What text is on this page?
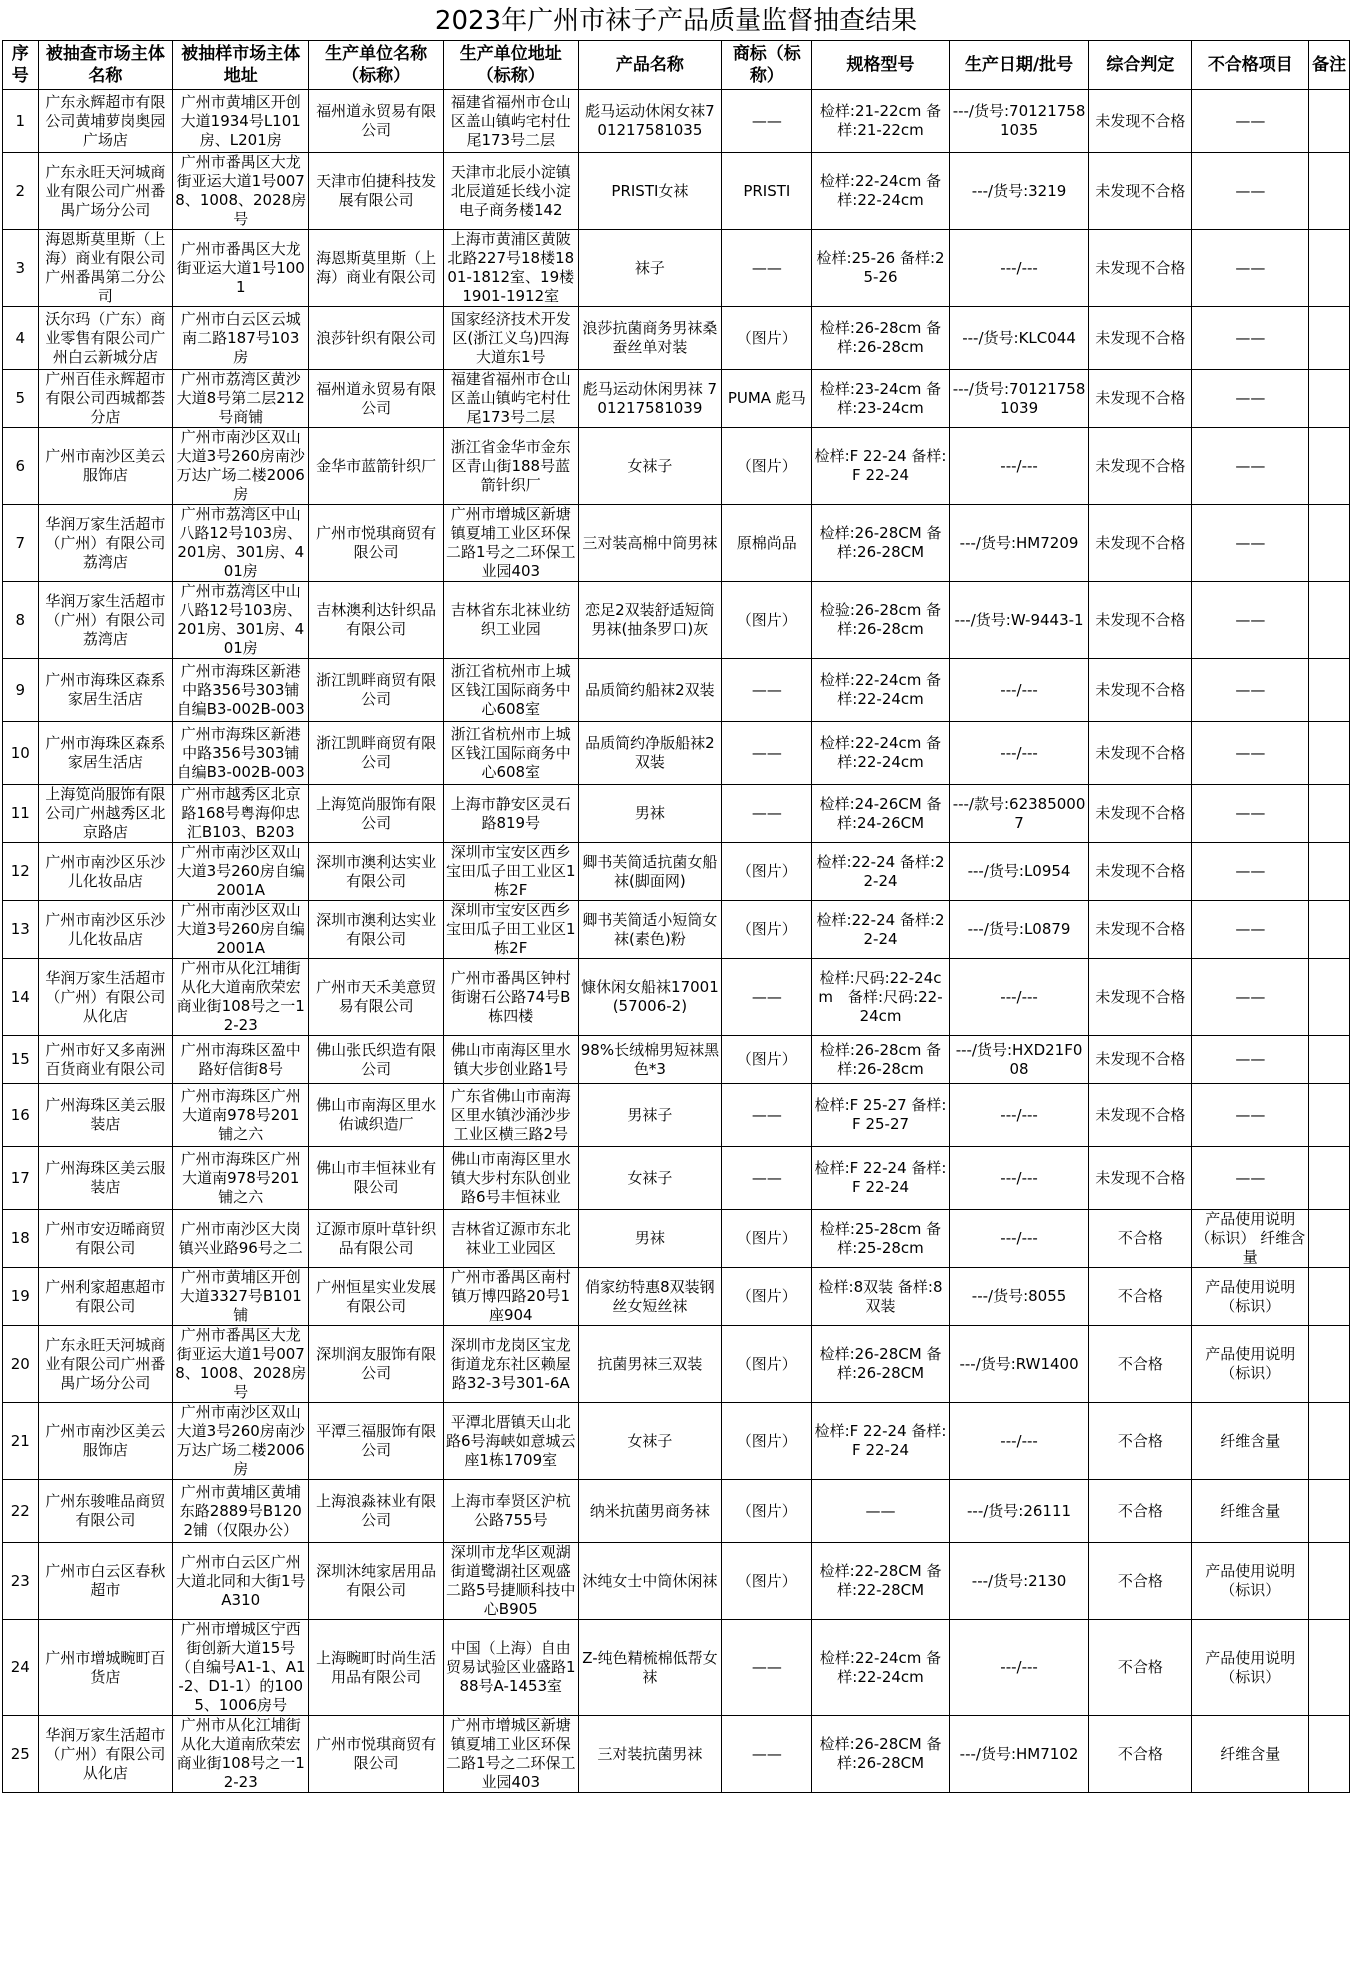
2023年广州市袜子产品质量监督抽查结果
序号	被抽查市场主体名称	被抽样市场主体地址	生产单位名称（标称）	生产单位地址（标称）	产品名称	商标（标称）	规格型号	生产日期/批号	综合判定	不合格项目	备注
1	广东永辉超市有限公司黄埔萝岗奥园广场店	广州市黄埔区开创大道1934号L101房、L201房	福州道永贸易有限公司	福建省福州市仓山区盖山镇屿宅村仕尾173号二层	彪马运动休闲女袜701217581035	——	检样:21-22cm 备样:21-22cm	---/货号:701217581035	未发现不合格	——	
2	广东永旺天河城商业有限公司广州番禺广场分公司	广州市番禺区大龙街亚运大道1号0078、1008、2028房号	天津市伯捷科技发展有限公司	天津市北辰小淀镇北辰道延长线小淀电子商务楼142	PRISTI女袜	PRISTI	检样:22-24cm 备样:22-24cm	---/货号:3219	未发现不合格	——	
3	海恩斯莫里斯（上海）商业有限公司广州番禺第二分公司	广州市番禺区大龙街亚运大道1号1001	海恩斯莫里斯（上海）商业有限公司	上海市黄浦区黄陂北路227号18楼1801-1812室、19楼1901-1912室	袜子	——	检样:25-26 备样:25-26	---/---	未发现不合格	——	
4	沃尔玛（广东）商业零售有限公司广州白云新城分店	广州市白云区云城南二路187号103房	浪莎针织有限公司	国家经济技术开发区(浙江义乌)四海大道东1号	浪莎抗菌商务男袜桑蚕丝单对装	（图片）	检样:26-28cm 备样:26-28cm	---/货号:KLC044	未发现不合格	——	
5	广州百佳永辉超市有限公司西城都荟分店	广州市荔湾区黄沙大道8号第二层212号商铺	福州道永贸易有限公司	福建省福州市仓山区盖山镇屿宅村仕尾173号二层	彪马运动休闲男袜 701217581039	PUMA 彪马	检样:23-24cm 备样:23-24cm	---/货号:701217581039	未发现不合格	——	
6	广州市南沙区美云服饰店	广州市南沙区双山大道3号260房南沙万达广场二楼2006房	金华市蓝箭针织厂	浙江省金华市金东区青山街188号蓝箭针织厂	女袜子	（图片）	检样:F 22-24 备样:F 22-24	---/---	未发现不合格	——	
7	华润万家生活超市（广州）有限公司荔湾店	广州市荔湾区中山八路12号103房、201房、301房、401房	广州市悦琪商贸有限公司	广州市增城区新塘镇夏埔工业区环保二路1号之二环保工业园403	三对装高棉中筒男袜	原棉尚品	检样:26-28CM 备样:26-28CM	---/货号:HM7209	未发现不合格	——	
8	华润万家生活超市（广州）有限公司荔湾店	广州市荔湾区中山八路12号103房、201房、301房、401房	吉林澳利达针织品有限公司	吉林省东北袜业纺织工业园	恋足2双装舒适短筒男袜(抽条罗口)灰	（图片）	检验:26-28cm 备样:26-28cm	---/货号:W-9443-1	未发现不合格	——	
9	广州市海珠区森系家居生活店	广州市海珠区新港中路356号303铺自编B3-002B-003	浙江凯畔商贸有限公司	浙江省杭州市上城区钱江国际商务中心608室	品质简约船袜2双装	——	检样:22-24cm 备样:22-24cm	---/---	未发现不合格	——	
10	广州市海珠区森系家居生活店	广州市海珠区新港中路356号303铺自编B3-002B-003	浙江凯畔商贸有限公司	浙江省杭州市上城区钱江国际商务中心608室	品质简约净版船袜2双装	——	检样:22-24cm 备样:22-24cm	---/---	未发现不合格	——	
11	上海笕尚服饰有限公司广州越秀区北京路店	广州市越秀区北京路168号粤海仰忠汇B103、B203	上海笕尚服饰有限公司	上海市静安区灵石路819号	男袜	——	检样:24-26CM 备样:24-26CM	---/款号:623850007	未发现不合格	——	
12	广州市南沙区乐沙儿化妆品店	广州市南沙区双山大道3号260房自编2001A	深圳市澳利达实业有限公司	深圳市宝安区西乡宝田瓜子田工业区1栋2F	卿书芙简适抗菌女船袜(脚面网)	（图片）	检样:22-24 备样:22-24	---/货号:L0954	未发现不合格	——	
13	广州市南沙区乐沙儿化妆品店	广州市南沙区双山大道3号260房自编2001A	深圳市澳利达实业有限公司	深圳市宝安区西乡宝田瓜子田工业区1栋2F	卿书芙简适小短筒女袜(素色)粉	（图片）	检样:22-24 备样:22-24	---/货号:L0879	未发现不合格	——	
14	华润万家生活超市（广州）有限公司从化店	广州市从化江埔街从化大道南欣荣宏商业街108号之一12-23	广州市天禾美意贸易有限公司	广州市番禺区钟村街谢石公路74号B栋四楼	慷休闲女船袜17001(57006-2)	——	检样:尺码:22-24cm　备样:尺码:22-24cm	---/---	未发现不合格	——	
15	广州市好又多南洲百货商业有限公司	广州市海珠区盈中路好信街8号	佛山张氏织造有限公司	佛山市南海区里水镇大步创业路1号	98%长绒棉男短袜黑色*3	（图片）	检样:26-28cm 备样:26-28cm	---/货号:HXD21F008	未发现不合格	——	
16	广州海珠区美云服装店	广州市海珠区广州大道南978号201铺之六	佛山市南海区里水佑诚织造厂	广东省佛山市南海区里水镇沙涌沙步工业区横三路2号	男袜子	——	检样:F 25-27 备样:F 25-27	---/---	未发现不合格	——	
17	广州海珠区美云服装店	广州市海珠区广州大道南978号201铺之六	佛山市丰恒袜业有限公司	佛山市南海区里水镇大步村东队创业路6号丰恒袜业	女袜子	——	检样:F 22-24 备样:F 22-24	---/---	未发现不合格	——	
18	广州市安迈晞商贸有限公司	广州市南沙区大岗镇兴业路96号之二	辽源市原叶草针织品有限公司	吉林省辽源市东北袜业工业园区	男袜	（图片）	检样:25-28cm 备样:25-28cm	---/---	不合格	产品使用说明（标识） 纤维含量	
19	广州利家超惠超市有限公司	广州市黄埔区开创大道3327号B101铺	广州恒星实业发展有限公司	广州市番禺区南村镇万博四路20号1座904	俏家纺特惠8双装钢丝女短丝袜	（图片）	检样:8双装 备样:8双装	---/货号:8055	不合格	产品使用说明（标识）	
20	广东永旺天河城商业有限公司广州番禺广场分公司	广州市番禺区大龙街亚运大道1号0078、1008、2028房号	深圳润友服饰有限公司	深圳市龙岗区宝龙街道龙东社区赖屋路32-3号301-6A	抗菌男袜三双装	（图片）	检样:26-28CM 备样:26-28CM	---/货号:RW1400	不合格	产品使用说明（标识）	
21	广州市南沙区美云服饰店	广州市南沙区双山大道3号260房南沙万达广场二楼2006房	平潭三福服饰有限公司	平潭北厝镇天山北路6号海峡如意城云座1栋1709室	女袜子	（图片）	检样:F 22-24 备样:F 22-24	---/---	不合格	纤维含量	
22	广州东骏唯品商贸有限公司	广州市黄埔区黄埔东路2889号B1202铺（仅限办公）	上海浪淼袜业有限公司	上海市奉贤区沪杭公路755号	纳米抗菌男商务袜	（图片）	——	---/货号:26111	不合格	纤维含量	
23	广州市白云区春秋超市	广州市白云区广州大道北同和大街1号A310	深圳沐纯家居用品有限公司	深圳市龙华区观湖街道鹭湖社区观盛二路5号捷顺科技中心B905	沐纯女士中筒休闲袜	（图片）	检样:22-28CM 备样:22-28CM	---/货号:2130	不合格	产品使用说明（标识）	
24	广州市增城畹町百货店	广州市增城区宁西街创新大道15号（自编号A1-1、A1-2、D1-1）的1005、1006房号	上海畹町时尚生活用品有限公司	中国（上海）自由贸易试验区业盛路188号A-1453室	Z-纯色精梳棉低帮女袜	——	检样:22-24cm 备样:22-24cm	---/---	不合格	产品使用说明（标识）	
25	华润万家生活超市（广州）有限公司从化店	广州市从化江埔街从化大道南欣荣宏商业街108号之一12-23	广州市悦琪商贸有限公司	广州市增城区新塘镇夏埔工业区环保二路1号之二环保工业园403	三对装抗菌男袜	——	检样:26-28CM 备样:26-28CM	---/货号:HM7102	不合格	纤维含量	
